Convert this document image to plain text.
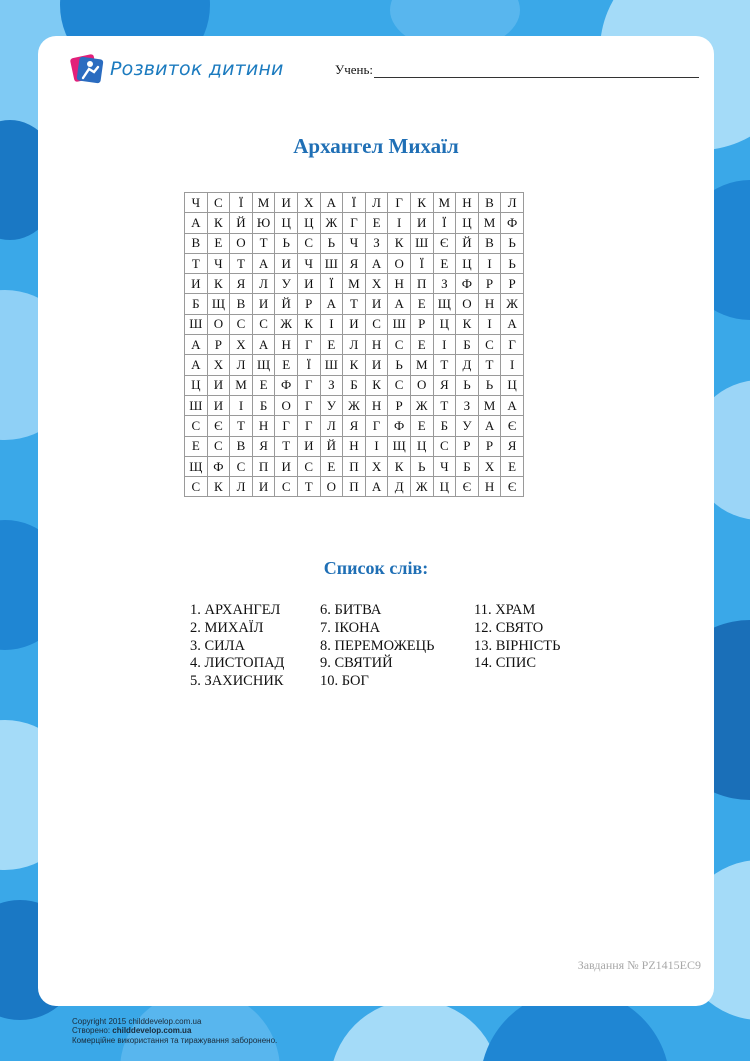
Розвиток дитини	Учень:
Архангел Михаїл
Ч	С	Ї	М	И	Х	А	Ї	Л	Г	К	М	Н	В	Л
А	К	Й	Ю	Ц	Ц	Ж	Г	Е	І	И	Ї	Ц	М	Ф
В	Е	О	Т	Ь	С	Ь	Ч	З	К	Ш	Є	Й	В	Ь
Т	Ч	Т	А	И	Ч	Ш	Я	А	О	Ї	Е	Ц	І	Ь
И	К	Я	Л	У	И	Ї	М	Х	Н	П	З	Ф	Р	Р
Б	Щ	В	И	Й	Р	А	Т	И	А	Е	Щ	О	Н	Ж
Ш	О	С	С	Ж	К	І	И	С	Ш	Р	Ц	К	І	А
А	Р	Х	А	Н	Г	Е	Л	Н	С	Е	І	Б	С	Г
А	Х	Л	Щ	Е	Ї	Ш	К	И	Ь	М	Т	Д	Т	І
Ц	И	М	Е	Ф	Г	З	Б	К	С	О	Я	Ь	Ь	Ц
Ш	И	І	Б	О	Г	У	Ж	Н	Р	Ж	Т	З	М	А
С	Є	Т	Н	Г	Г	Л	Я	Г	Ф	Е	Б	У	А	Є
Е	С	В	Я	Т	И	Й	Н	І	Щ	Ц	С	Р	Р	Я
Щ	Ф	С	П	И	С	Е	П	Х	К	Ь	Ч	Б	Х	Е
С	К	Л	И	С	Т	О	П	А	Д	Ж	Ц	Є	Н	Є
Список слів:
1. АРХАНГЕЛ
2. МИХАЇЛ
3. СИЛА
4. ЛИСТОПАД
5. ЗАХИСНИК
6. БИТВА
7. ІКОНА
8. ПЕРЕМОЖЕЦЬ
9. СВЯТИЙ
10. БОГ
11. ХРАМ
12. СВЯТО
13. ВІРНІСТЬ
14. СПИС
Завдання № PZ1415EC9
Copyright 2015 childdevelop.com.ua
Створено: childdevelop.com.ua
Комерційне використання та тиражування заборонено.
